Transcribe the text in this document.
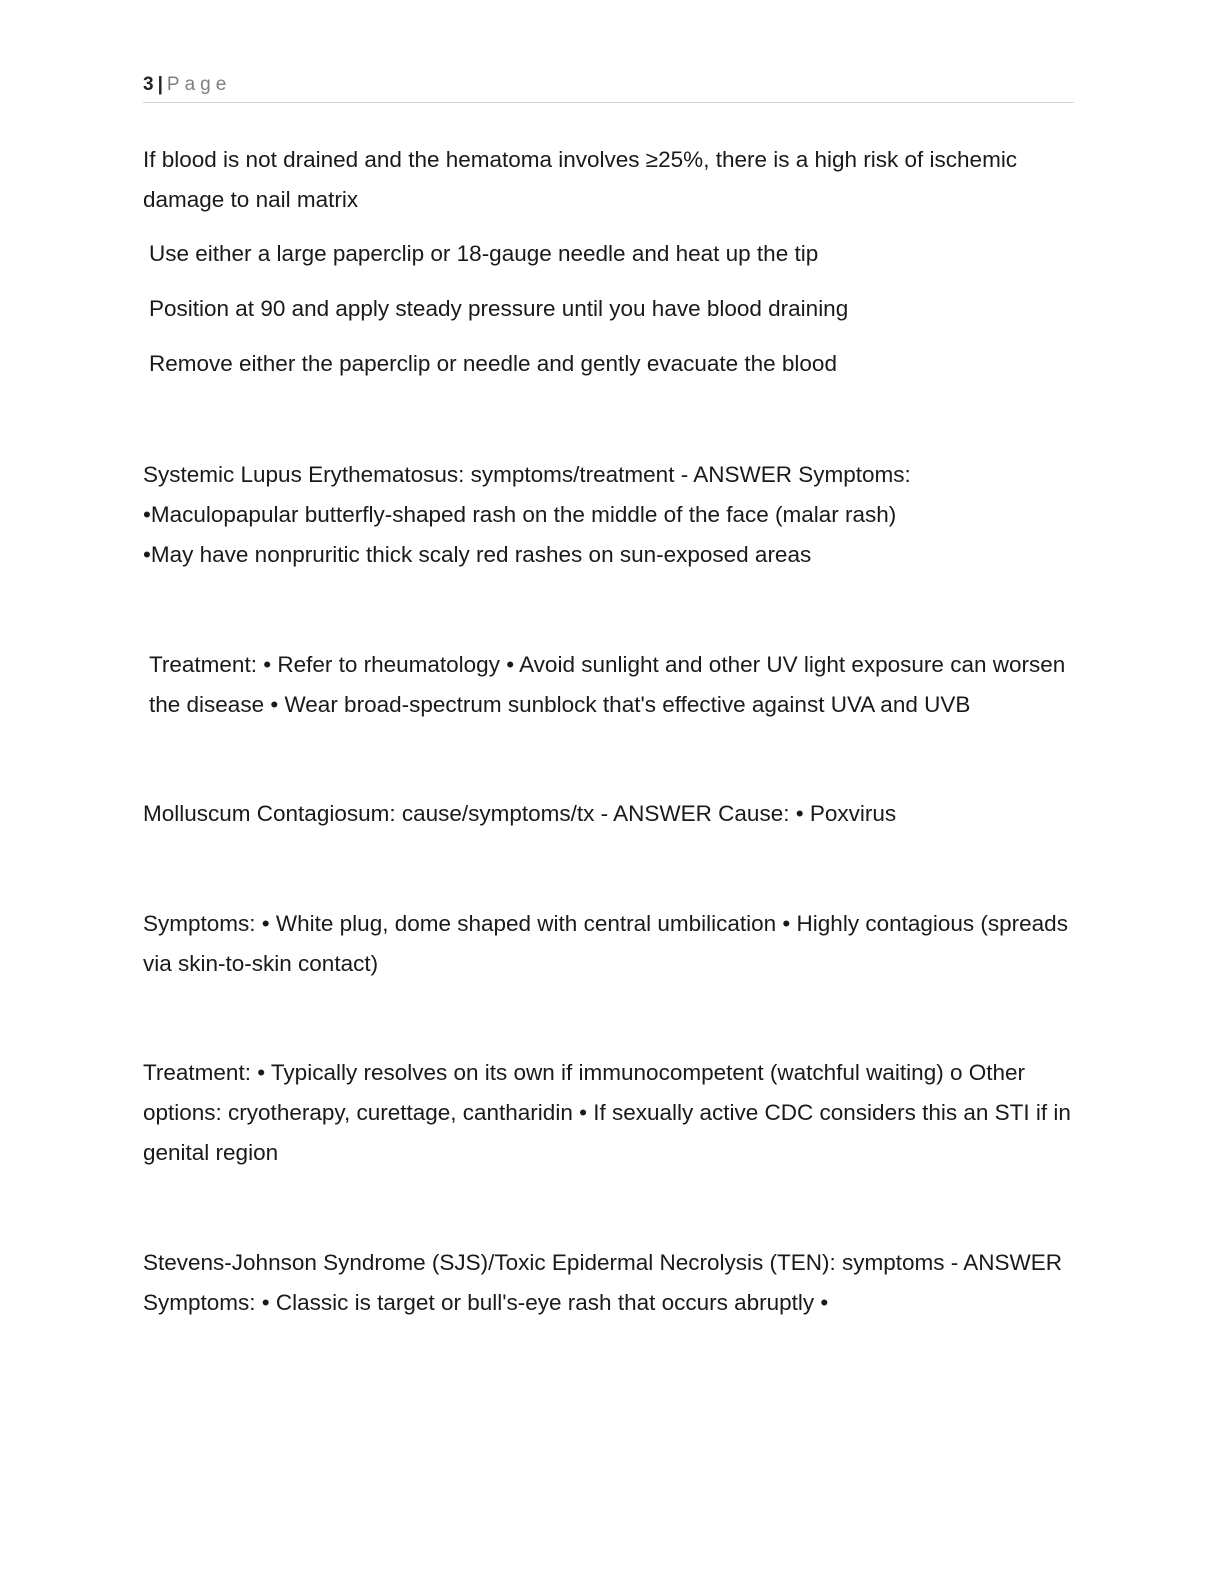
3 | Page

If blood is not drained and the hematoma involves ≥25%, there is a high risk of ischemic damage to nail matrix

Use either a large paperclip or 18-gauge needle and heat up the tip

Position at 90 and apply steady pressure until you have blood draining

Remove either the paperclip or needle and gently evacuate the blood

Systemic Lupus Erythematosus: symptoms/treatment - ANSWER Symptoms:
•Maculopapular butterfly-shaped rash on the middle of the face (malar rash)
•May have nonpruritic thick scaly red rashes on sun-exposed areas

Treatment: • Refer to rheumatology • Avoid sunlight and other UV light exposure can worsen the disease • Wear broad-spectrum sunblock that's effective against UVA and UVB

Molluscum Contagiosum: cause/symptoms/tx - ANSWER Cause: • Poxvirus

Symptoms: • White plug, dome shaped with central umbilication • Highly contagious (spreads via skin-to-skin contact)

Treatment: • Typically resolves on its own if immunocompetent (watchful waiting) o Other options: cryotherapy, curettage, cantharidin • If sexually active CDC considers this an STI if in genital region

Stevens-Johnson Syndrome (SJS)/Toxic Epidermal Necrolysis (TEN): symptoms - ANSWER Symptoms: • Classic is target or bull's-eye rash that occurs abruptly •
